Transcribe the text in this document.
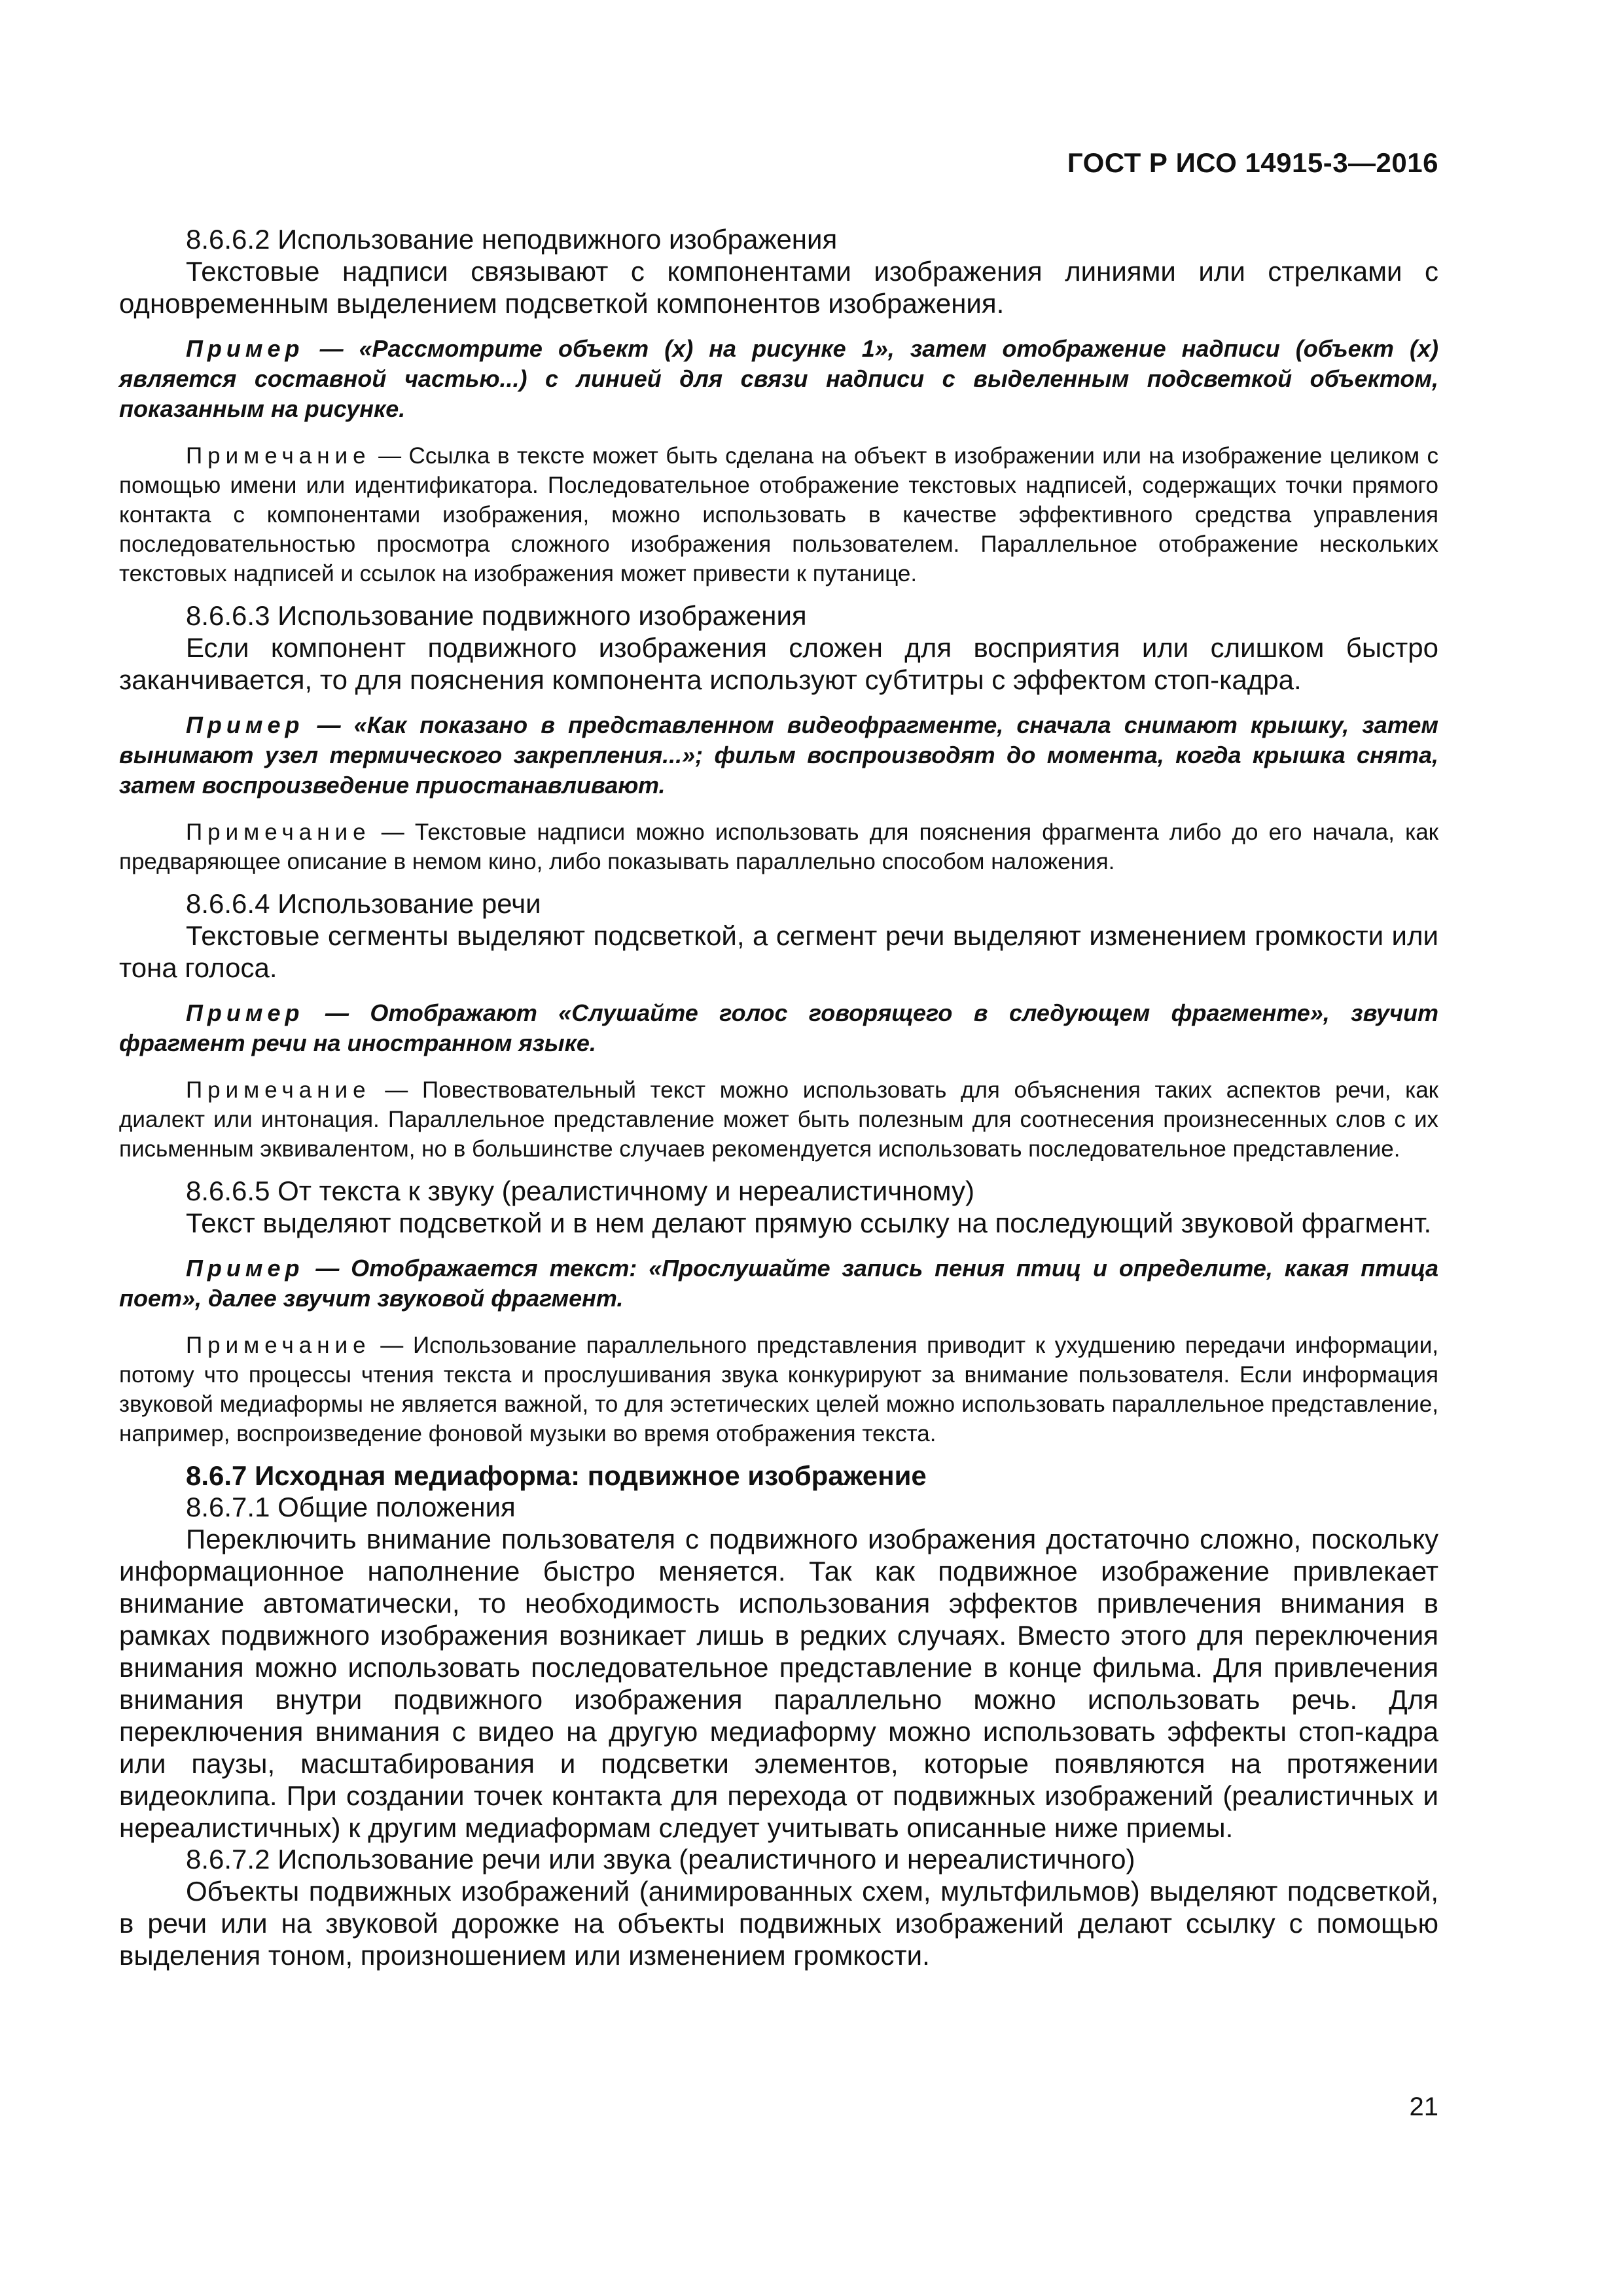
ГОСТ Р ИСО 14915-3—2016

8.6.6.2 Использование неподвижного изображения

Текстовые надписи связывают с компонентами изображения линиями или стрелками с одновременным выделением подсветкой компонентов изображения.

Пример — «Рассмотрите объект (x) на рисунке 1», затем отображение надписи (объект (x) является составной частью...) с линией для связи надписи с выделенным подсветкой объектом, показанным на рисунке.

Примечание — Ссылка в тексте может быть сделана на объект в изображении или на изображение целиком с помощью имени или идентификатора. Последовательное отображение текстовых надписей, содержащих точки прямого контакта с компонентами изображения, можно использовать в качестве эффективного средства управления последовательностью просмотра сложного изображения пользователем. Параллельное отображение нескольких текстовых надписей и ссылок на изображения может привести к путанице.

8.6.6.3 Использование подвижного изображения

Если компонент подвижного изображения сложен для восприятия или слишком быстро заканчивается, то для пояснения компонента используют субтитры с эффектом стоп-кадра.

Пример — «Как показано в представленном видеофрагменте, сначала снимают крышку, затем вынимают узел термического закрепления...»; фильм воспроизводят до момента, когда крышка снята, затем воспроизведение приостанавливают.

Примечание — Текстовые надписи можно использовать для пояснения фрагмента либо до его начала, как предваряющее описание в немом кино, либо показывать параллельно способом наложения.

8.6.6.4 Использование речи

Текстовые сегменты выделяют подсветкой, а сегмент речи выделяют изменением громкости или тона голоса.

Пример — Отображают «Слушайте голос говорящего в следующем фрагменте», звучит фрагмент речи на иностранном языке.

Примечание — Повествовательный текст можно использовать для объяснения таких аспектов речи, как диалект или интонация. Параллельное представление может быть полезным для соотнесения произнесенных слов с их письменным эквивалентом, но в большинстве случаев рекомендуется использовать последовательное представление.

8.6.6.5 От текста к звуку (реалистичному и нереалистичному)

Текст выделяют подсветкой и в нем делают прямую ссылку на последующий звуковой фрагмент.

Пример — Отображается текст: «Прослушайте запись пения птиц и определите, какая птица поет», далее звучит звуковой фрагмент.

Примечание — Использование параллельного представления приводит к ухудшению передачи информации, потому что процессы чтения текста и прослушивания звука конкурируют за внимание пользователя. Если информация звуковой медиаформы не является важной, то для эстетических целей можно использовать параллельное представление, например, воспроизведение фоновой музыки во время отображения текста.

8.6.7 Исходная медиаформа: подвижное изображение

8.6.7.1 Общие положения

Переключить внимание пользователя с подвижного изображения достаточно сложно, поскольку информационное наполнение быстро меняется. Так как подвижное изображение привлекает внимание автоматически, то необходимость использования эффектов привлечения внимания в рамках подвижного изображения возникает лишь в редких случаях. Вместо этого для переключения внимания можно использовать последовательное представление в конце фильма. Для привлечения внимания внутри подвижного изображения параллельно можно использовать речь. Для переключения внимания с видео на другую медиаформу можно использовать эффекты стоп-кадра или паузы, масштабирования и подсветки элементов, которые появляются на протяжении видеоклипа. При создании точек контакта для перехода от подвижных изображений (реалистичных и нереалистичных) к другим медиаформам следует учитывать описанные ниже приемы.

8.6.7.2 Использование речи или звука (реалистичного и нереалистичного)

Объекты подвижных изображений (анимированных схем, мультфильмов) выделяют подсветкой, в речи или на звуковой дорожке на объекты подвижных изображений делают ссылку с помощью выделения тоном, произношением или изменением громкости.

21
